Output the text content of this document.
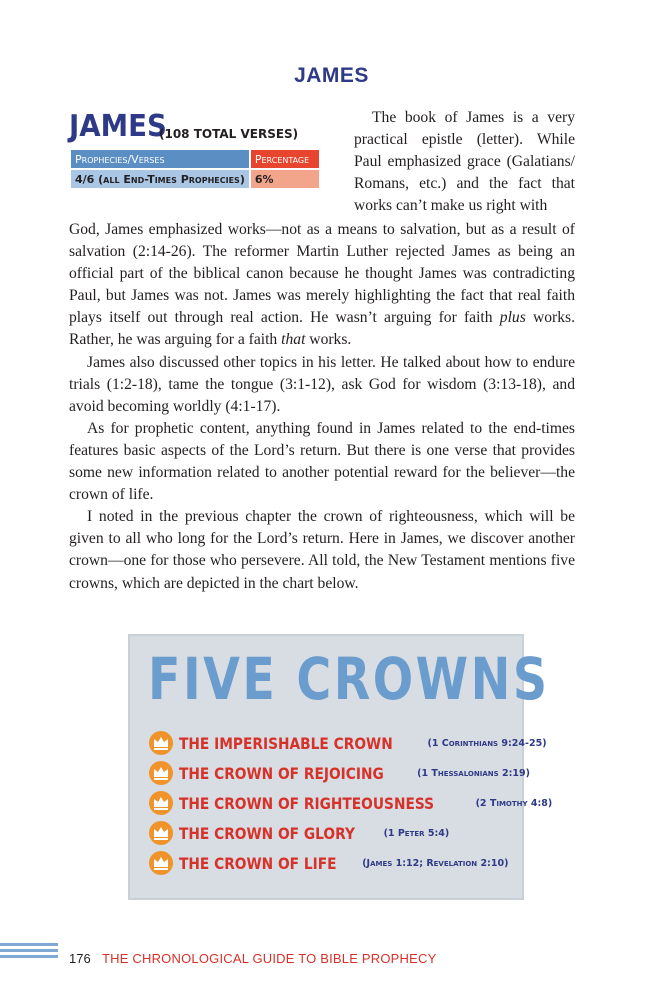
JAMES
JAMES
(108 TOTAL VERSES)
Prophecies/Verses	Percentage
4/6 (all End-Times Prophecies)	6%

The book of James is a very practical epistle (letter). While Paul emphasized grace (Galatians/ Romans, etc.) and the fact that works can’t make us right with

God, James emphasized works—not as a means to salvation, but as a result of salvation (2:14-26). The reformer Martin Luther rejected James as being an official part of the biblical canon because he thought James was contradicting Paul, but James was not. James was merely highlighting the fact that real faith plays itself out through real action. He wasn’t arguing for faith plus works. Rather, he was arguing for a faith that works.

James also discussed other topics in his letter. He talked about how to endure trials (1:2-18), tame the tongue (3:1-12), ask God for wisdom (3:13-18), and avoid becoming worldly (4:1-17).

As for prophetic content, anything found in James related to the end-times features basic aspects of the Lord’s return. But there is one verse that provides some new information related to another potential reward for the believer—the crown of life.

I noted in the previous chapter the crown of righteousness, which will be given to all who long for the Lord’s return. Here in James, we discover another crown—one for those who persevere. All told, the New Testament mentions five crowns, which are depicted in the chart below.

FIVE CROWNS
THE IMPERISHABLE CROWN	(1 Corinthians 9:24-25)
THE CROWN OF REJOICING	(1 Thessalonians 2:19)
THE CROWN OF RIGHTEOUSNESS	(2 Timothy 4:8)
THE CROWN OF GLORY	(1 Peter 5:4)
THE CROWN OF LIFE	(James 1:12; Revelation 2:10)
176 THE CHRONOLOGICAL GUIDE TO BIBLE PROPHECY
